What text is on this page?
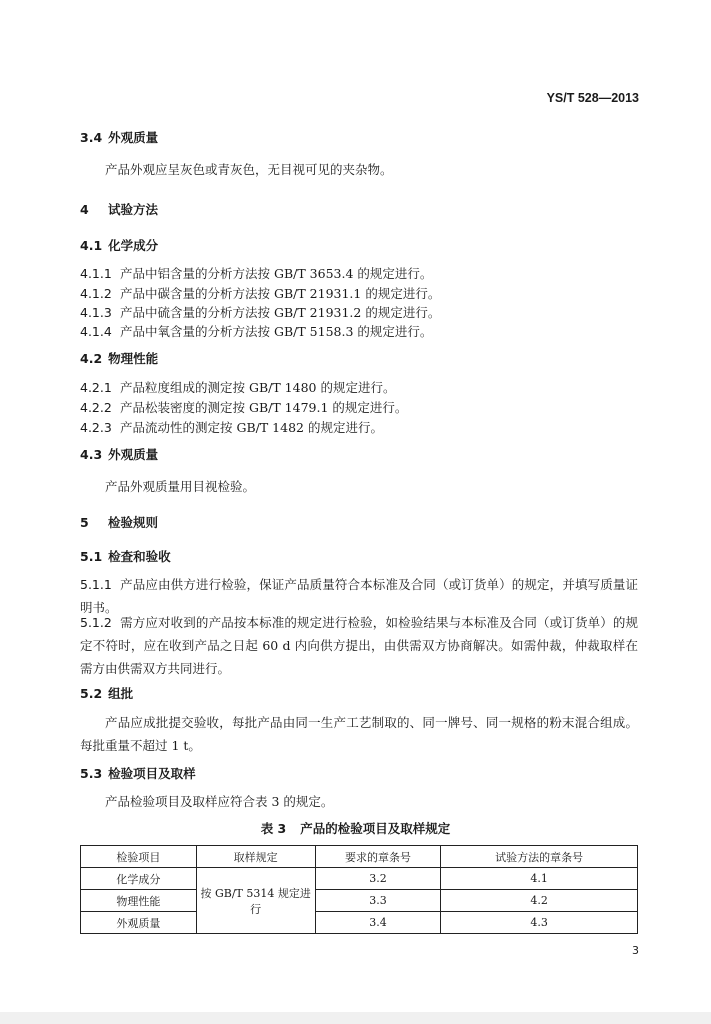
YS/T 528—2013
3.4 外观质量
产品外观应呈灰色或青灰色，无目视可见的夹杂物。
4 试验方法
4.1 化学成分
4.1.1 产品中铝含量的分析方法按 GB/T 3653.4 的规定进行。
4.1.2 产品中碳含量的分析方法按 GB/T 21931.1 的规定进行。
4.1.3 产品中硫含量的分析方法按 GB/T 21931.2 的规定进行。
4.1.4 产品中氧含量的分析方法按 GB/T 5158.3 的规定进行。
4.2 物理性能
4.2.1 产品粒度组成的测定按 GB/T 1480 的规定进行。
4.2.2 产品松装密度的测定按 GB/T 1479.1 的规定进行。
4.2.3 产品流动性的测定按 GB/T 1482 的规定进行。
4.3 外观质量
产品外观质量用目视检验。
5 检验规则
5.1 检查和验收
5.1.1 产品应由供方进行检验，保证产品质量符合本标准及合同（或订货单）的规定，并填写质量证明书。
5.1.2 需方应对收到的产品按本标准的规定进行检验，如检验结果与本标准及合同（或订货单）的规定不符时，应在收到产品之日起 60 d 内向供方提出，由供需双方协商解决。如需仲裁，仲裁取样在需方由供需双方共同进行。
5.2 组批
产品应成批提交验收，每批产品由同一生产工艺制取的、同一牌号、同一规格的粉末混合组成。每批重量不超过 1 t。
5.3 检验项目及取样
产品检验项目及取样应符合表 3 的规定。
表 3 产品的检验项目及取样规定
检验项目	取样规定	要求的章条号	试验方法的章条号
化学成分	按 GB/T 5314 规定进行	3.2	4.1
物理性能		3.3	4.2
外观质量		3.4	4.3
3
